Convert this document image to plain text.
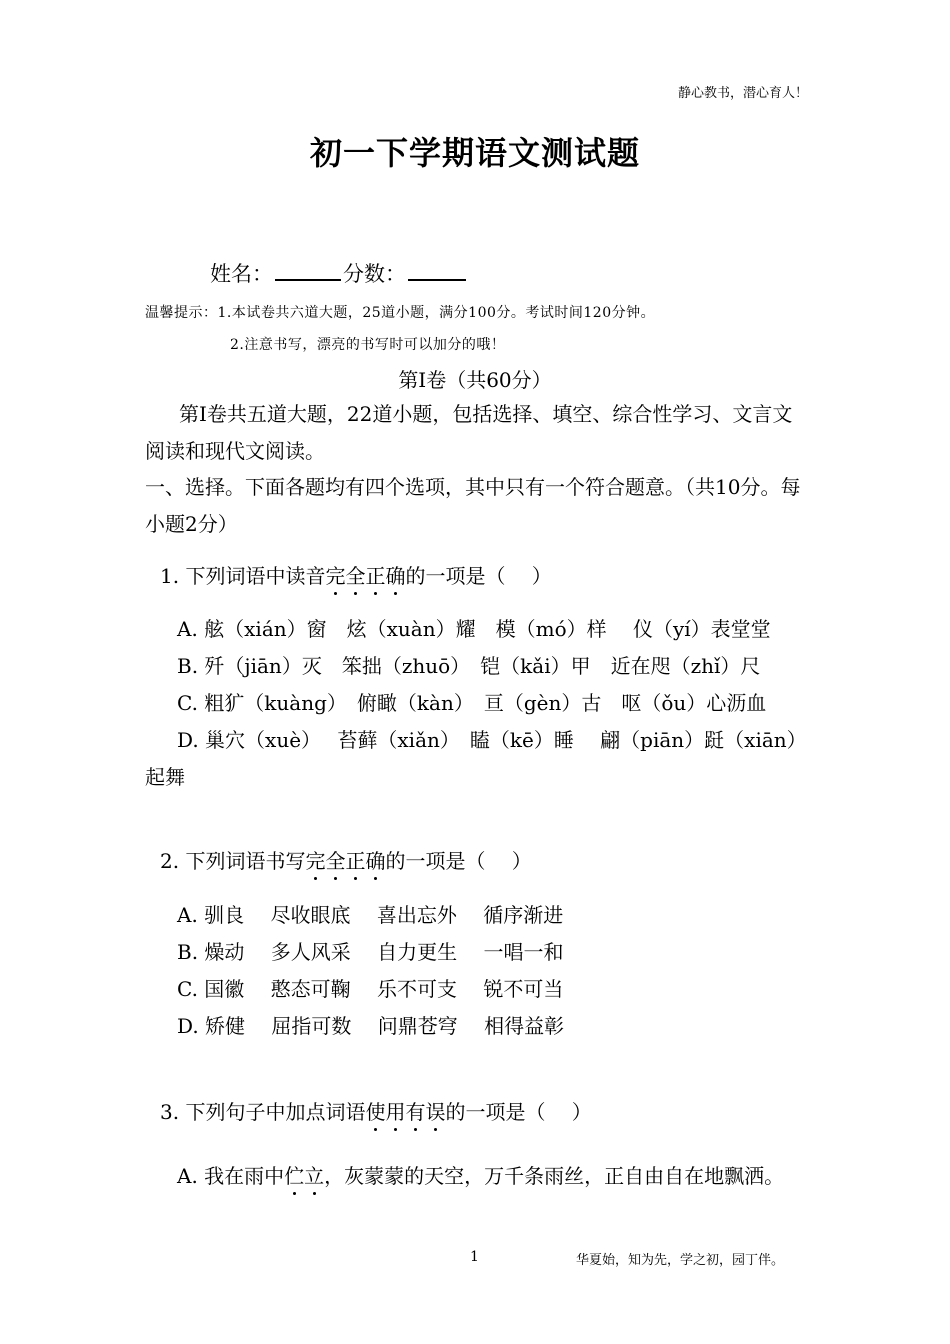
静心教书，潜心育人！
初一下学期语文测试题
姓名：	分数：
温馨提示：1.本试卷共六道大题，25道小题，满分100分。考试时间120分钟。
2.注意书写，漂亮的书写时可以加分的哦！
第Ⅰ卷（共60分）
第Ⅰ卷共五道大题，22道小题，包括选择、填空、综合性学习、文言文阅读和现代文阅读。
一、选择。下面各题均有四个选项，其中只有一个符合题意。（共10分。每小题2分）
1. 下列词语中读音完全正确的一项是（　 ）
A. 舷（xián）窗　炫（xuàn）耀　模（mó）样　 仪（yí）表堂堂
B. 歼（jiān）灭　笨拙（zhuō）　铠（kǎi）甲　近在咫（zhǐ）尺
C. 粗犷（kuàng）　俯瞰（kàn）　亘（gèn）古　呕（ǒu）心沥血
D. 巢穴（xuè）　 苔藓（xiǎn）　瞌（kē）睡　 翩（piān）跹（xiān）
起舞
2. 下列词语书写完全正确的一项是（　 ）
A. 驯良　 尽收眼底　 喜出忘外　 循序渐进
B. 燥动　 多人风采　 自力更生　 一唱一和
C. 国徽　 憨态可鞠　 乐不可支　 锐不可当
D. 矫健　 屈指可数　 问鼎苍穹　 相得益彰
3. 下列句子中加点词语使用有误的一项是（　 ）
A. 我在雨中伫立，灰蒙蒙的天空，万千条雨丝，正自由自在地飘洒。
1	华夏始，知为先，学之初，园丁伴。
